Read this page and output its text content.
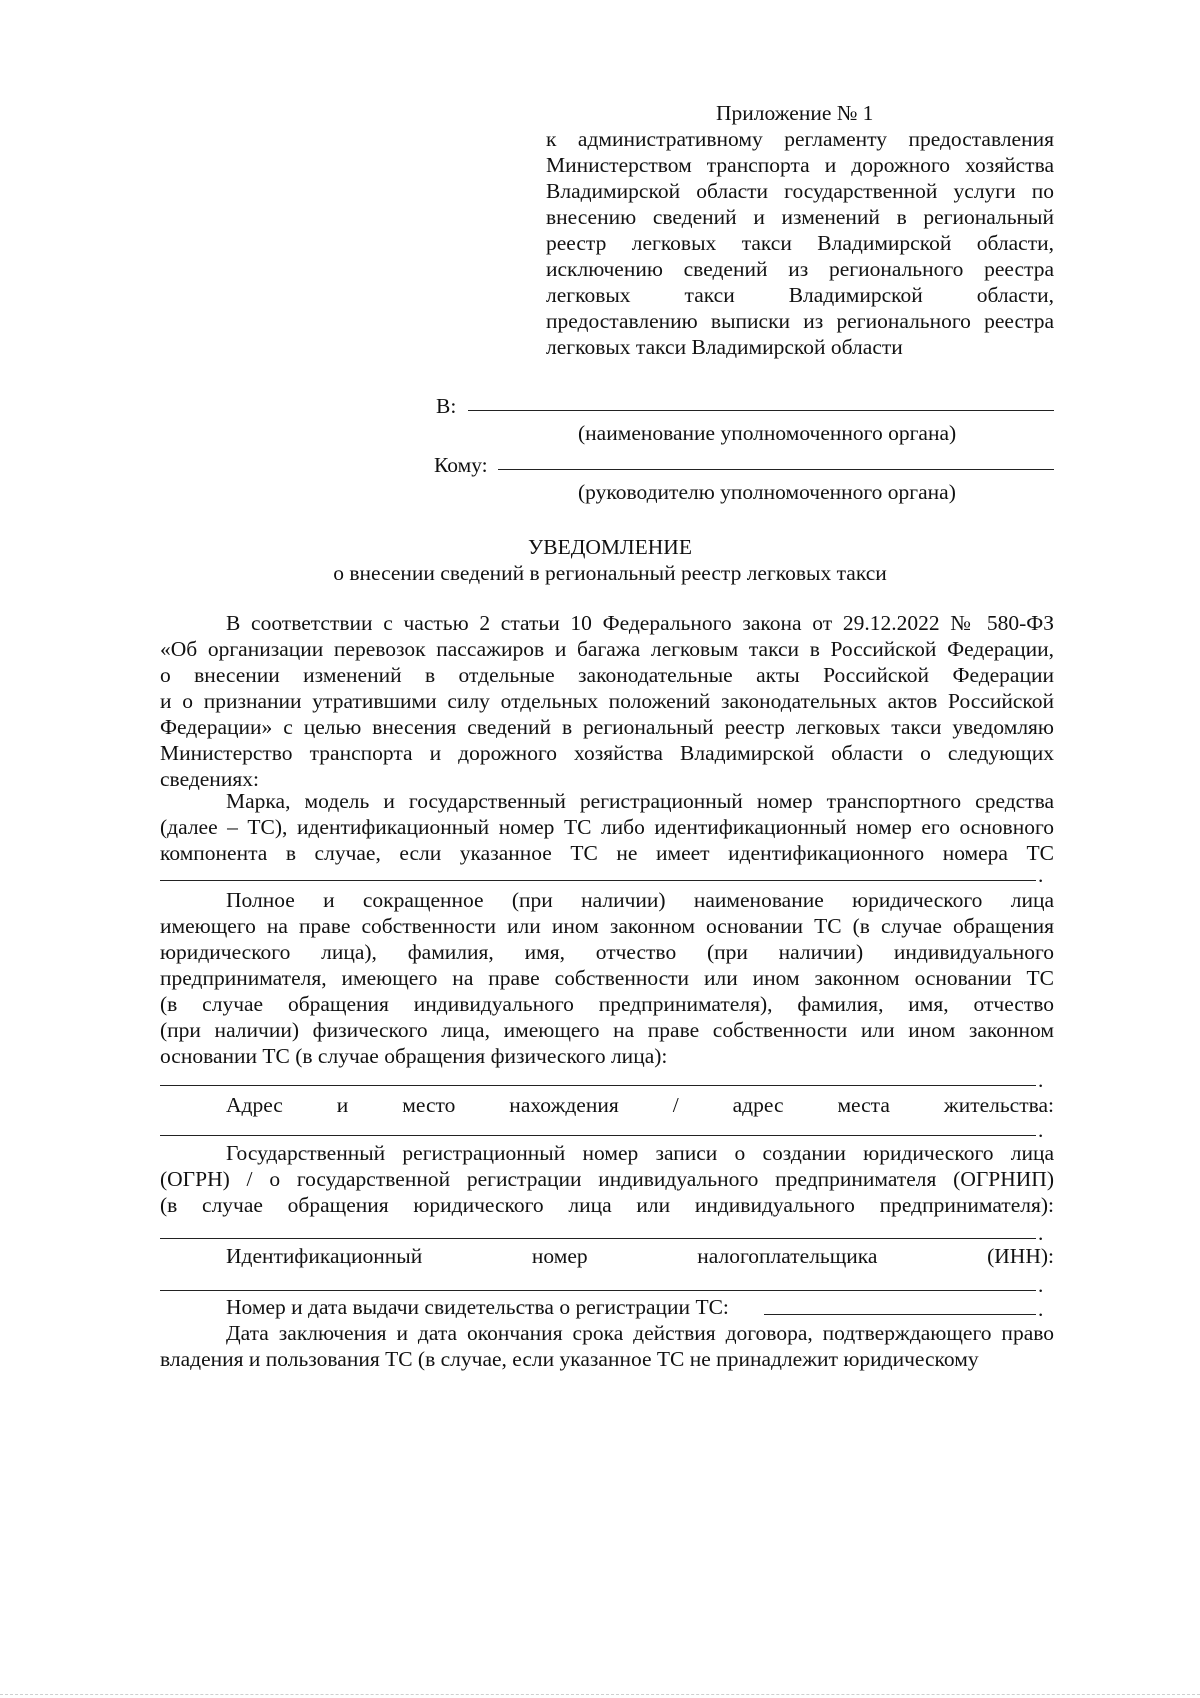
Приложение № 1
к административному регламенту предоставления
Министерством транспорта и дорожного хозяйства
Владимирской области государственной услуги по
внесению сведений и изменений в региональный
реестр легковых такси Владимирской области,
исключению сведений из регионального реестра
легковых такси Владимирской области,
предоставлению выписки из регионального реестра
легковых такси Владимирской области
В:
(наименование уполномоченного органа)
Кому:
(руководителю уполномоченного органа)
УВЕДОМЛЕНИЕ
о внесении сведений в региональный реестр легковых такси
В соответствии с частью 2 статьи 10 Федерального закона от 29.12.2022 № 580-ФЗ
«Об организации перевозок пассажиров и багажа легковым такси в Российской Федерации,
о внесении изменений в отдельные законодательные акты Российской Федерации
и о признании утратившими силу отдельных положений законодательных актов Российской
Федерации» с целью внесения сведений в региональный реестр легковых такси уведомляю
Министерство транспорта и дорожного хозяйства Владимирской области о следующих
сведениях:
Марка, модель и государственный регистрационный номер транспортного средства
(далее – ТС), идентификационный номер ТС либо идентификационный номер его основного
компонента в случае, если указанное ТС не имеет идентификационного номера ТС
.
Полное и сокращенное (при наличии) наименование юридического лица
имеющего на праве собственности или ином законном основании ТС (в случае обращения
юридического лица), фамилия, имя, отчество (при наличии) индивидуального
предпринимателя, имеющего на праве собственности или ином законном основании ТС
(в случае обращения индивидуального предпринимателя), фамилия, имя, отчество
(при наличии) физического лица, имеющего на праве собственности или ином законном
основании ТС (в случае обращения физического лица):
.
Адрес и место нахождения / адрес места жительства:
.
Государственный регистрационный номер записи о создании юридического лица
(ОГРН) / о государственной регистрации индивидуального предпринимателя (ОГРНИП)
(в случае обращения юридического лица или индивидуального предпринимателя):
.
Идентификационный номер налогоплательщика (ИНН):
.
Номер и дата выдачи свидетельства о регистрации ТС:	.
Дата заключения и дата окончания срока действия договора, подтверждающего право
владения и пользования ТС (в случае, если указанное ТС не принадлежит юридическому
